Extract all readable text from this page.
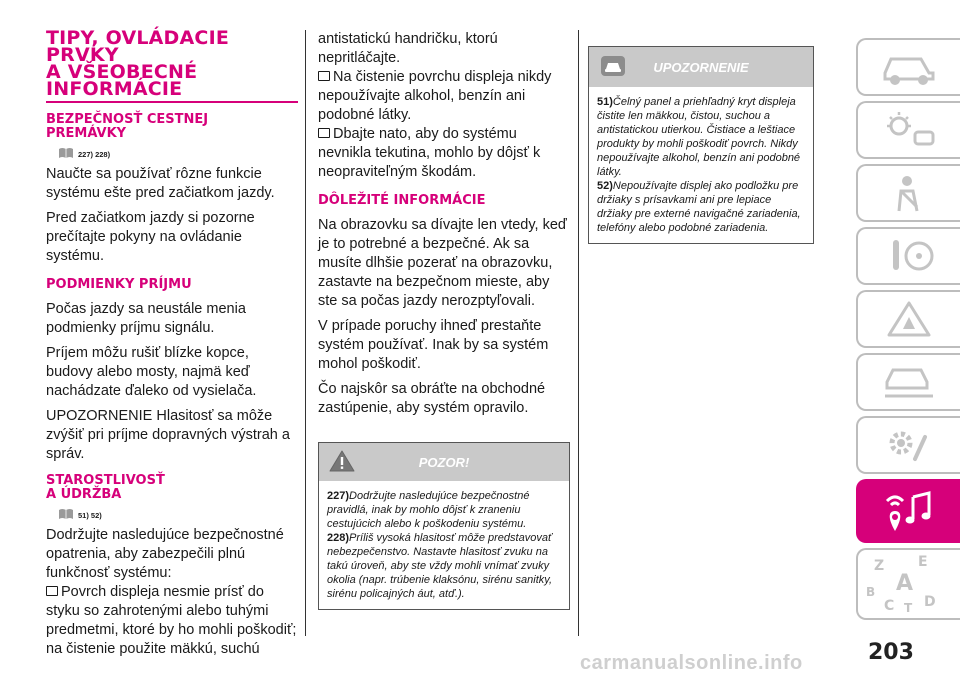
TIPY, OVLÁDACIE
PRVKY
A VŠEOBECNÉ
INFORMÁCIE
BEZPEČNOSŤ CESTNEJ
PREMÁVKY
227) 228)

Naučte sa používať rôzne funkcie systému ešte pred začiatkom jazdy.

Pred začiatkom jazdy si pozorne prečítajte pokyny na ovládanie systému.

PODMIENKY PRÍJMU

Počas jazdy sa neustále menia podmienky príjmu signálu.

Príjem môžu rušiť blízke kopce, budovy alebo mosty, najmä keď nachádzate ďaleko od vysielača.

UPOZORNENIE Hlasitosť sa môže zvýšiť pri príjme dopravných výstrah a správ.

STAROSTLIVOSŤ
A ÚDRŽBA
51) 52)

Dodržujte nasledujúce bezpečnostné opatrenia, aby zabezpečili plnú funkčnosť systému:

Povrch displeja nesmie prísť do styku so zahrotenými alebo tuhými predmetmi, ktoré by ho mohli poškodiť; na čistenie použite mäkkú, suchú

antistatickú handričku, ktorú nepritláčajte.

Na čistenie povrchu displeja nikdy nepoužívajte alkohol, benzín ani podobné látky.

Dbajte nato, aby do systému nevnikla tekutina, mohlo by dôjsť k neopraviteľným škodám.

DÔLEŽITÉ INFORMÁCIE

Na obrazovku sa dívajte len vtedy, keď je to potrebné a bezpečné. Ak sa musíte dlhšie pozerať na obrazovku, zastavte na bezpečnom mieste, aby ste sa počas jazdy nerozptyľovali.

V prípade poruchy ihneď prestaňte systém používať. Inak by sa systém mohol poškodiť.

Čo najskôr sa obráťte na obchodné zastúpenie, aby systém opravilo.

POZOR!

227)Dodržujte nasledujúce bezpečnostné pravidlá, inak by mohlo dôjsť k zraneniu cestujúcich alebo k poškodeniu systému.

228)Príliš vysoká hlasitosť môže predstavovať nebezpečenstvo. Nastavte hlasitosť zvuku na takú úroveň, aby ste vždy mohli vnímať zvuky okolia (napr. trúbenie klaksónu, sirénu sanitky, sirénu policajných áut, atď.).

UPOZORNENIE

51)Čelný panel a priehľadný kryt displeja čistite len mäkkou, čistou, suchou a antistatickou utierkou. Čistiace a leštiace produkty by mohli poškodiť povrch. Nikdy nepoužívajte alkohol, benzín ani podobné látky.

52)Nepoužívajte displej ako podložku pre držiaky s prísavkami ani pre lepiace držiaky pre externé navigačné zariadenia, telefóny alebo podobné zariadenia.

Z E
A
B
C T D
203
carmanualsonline.info
